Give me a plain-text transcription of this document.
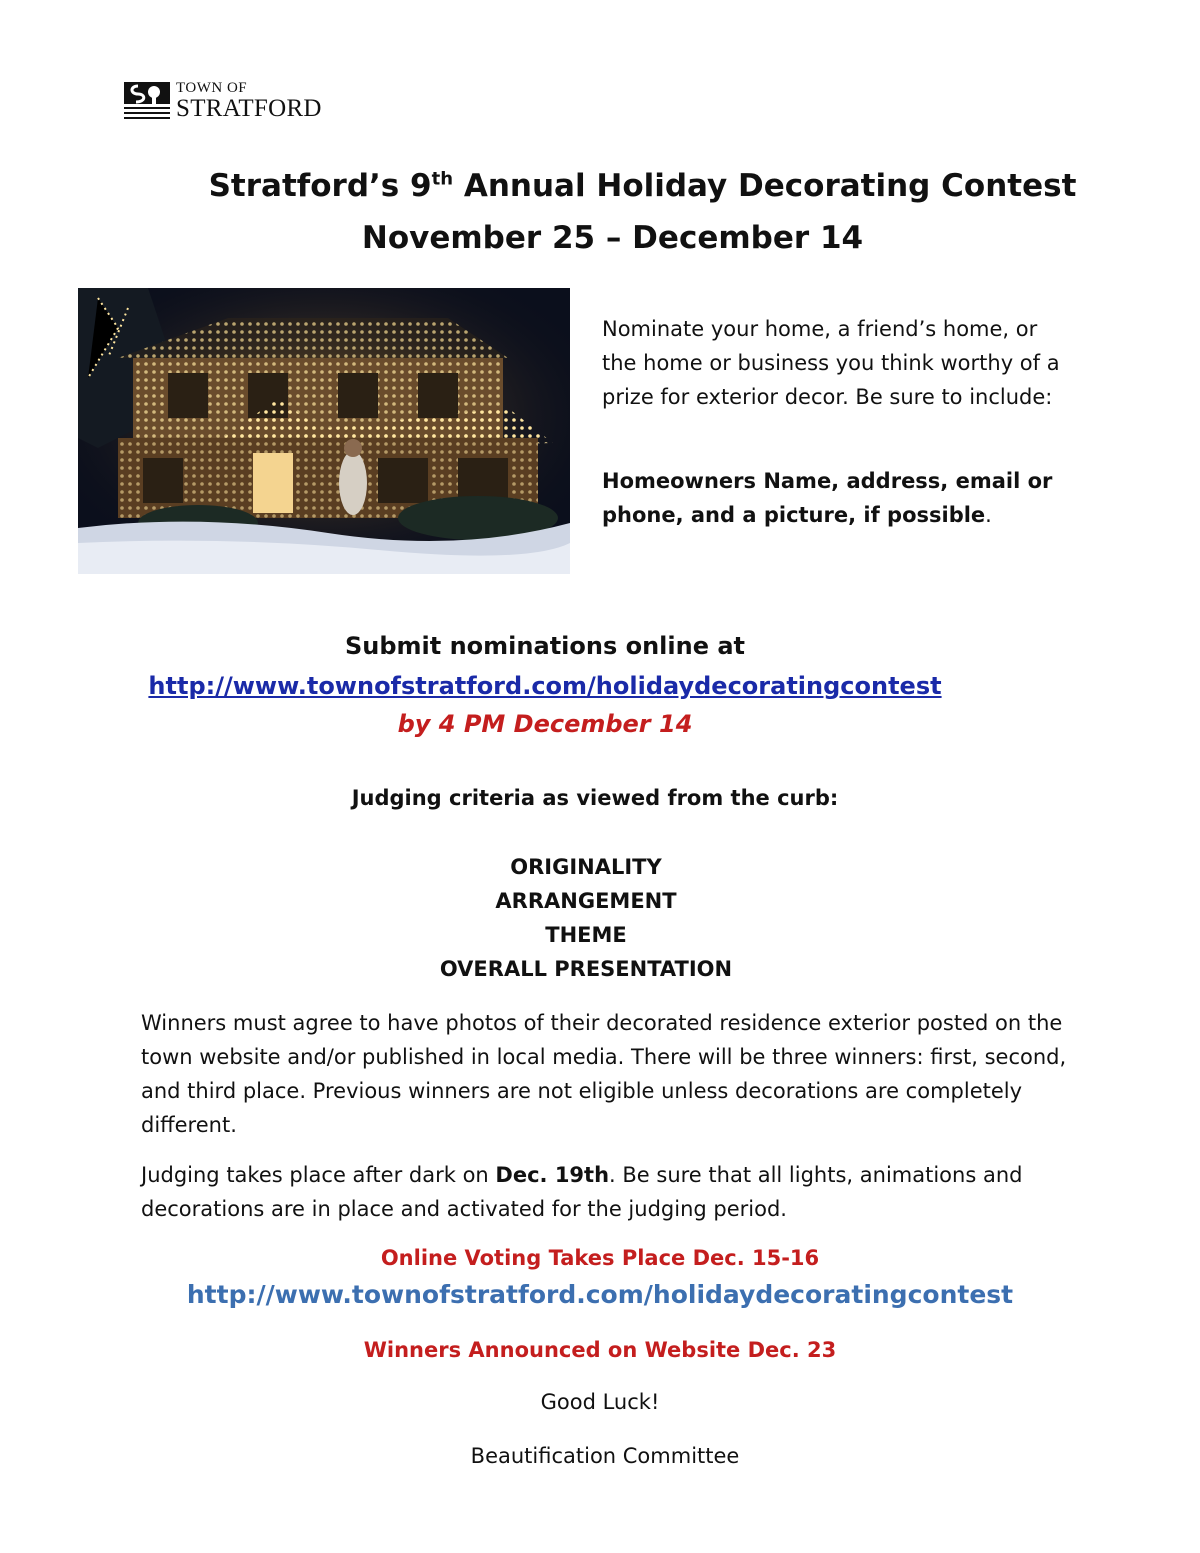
TOWN OF
STRATFORD
Stratford’s 9th Annual Holiday Decorating Contest
November 25 – December 14
Nominate your home, a friend’s home, or the home or business you think worthy of a prize for exterior decor. Be sure to include:
Homeowners Name, address, email or phone, and a picture, if possible.
Submit nominations online at
http://www.townofstratford.com/holidaydecoratingcontest
by 4 PM December 14
Judging criteria as viewed from the curb:
ORIGINALITY
ARRANGEMENT
THEME
OVERALL PRESENTATION
Winners must agree to have photos of their decorated residence exterior posted on the town website and/or published in local media. There will be three winners: first, second, and third place. Previous winners are not eligible unless decorations are completely different.
Judging takes place after dark on Dec. 19th. Be sure that all lights, animations and decorations are in place and activated for the judging period.
Online Voting Takes Place Dec. 15-16
http://www.townofstratford.com/holidaydecoratingcontest
Winners Announced on Website Dec. 23
Good Luck!
Beautification Committee
